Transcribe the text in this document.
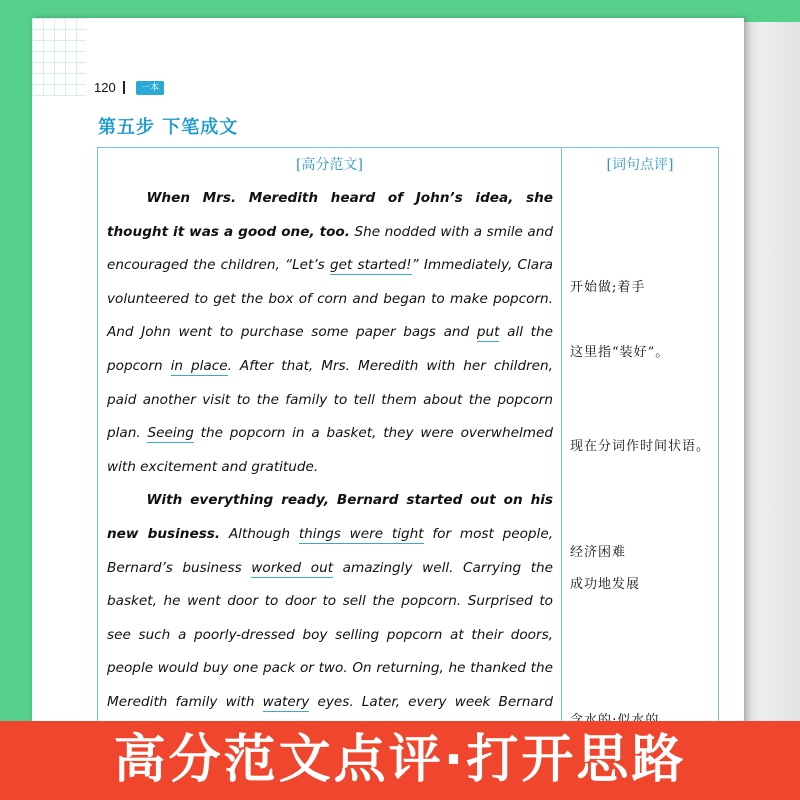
120	一本
第五步 下笔成文
[高分范文]	[词句点评]

When Mrs. Meredith heard of John’s idea, she thought it was a good one, too. She nodded with a smile and encouraged the children, “Let’s get started!” Immediately, Clara volunteered to get the box of corn and began to make popcorn. And John went to purchase some paper bags and put all the popcorn in place. After that, Mrs. Meredith with her children, paid another visit to the family to tell them about the popcorn plan. Seeing the popcorn in a basket, they were overwhelmed with excitement and gratitude.

With everything ready, Bernard started out on his new business. Although things were tight for most people, Bernard’s business worked out amazingly well. Carrying the basket, he went door to door to sell the popcorn. Surprised to see such a poorly-dressed boy selling popcorn at their doors, people would buy one pack or two. On returning, he thanked the Meredith family with watery eyes. Later, every week Bernard

开始做;着手
这里指“装好”。
现在分词作时间状语。
经济困难
成功地发展
高分范文点评·打开思路
